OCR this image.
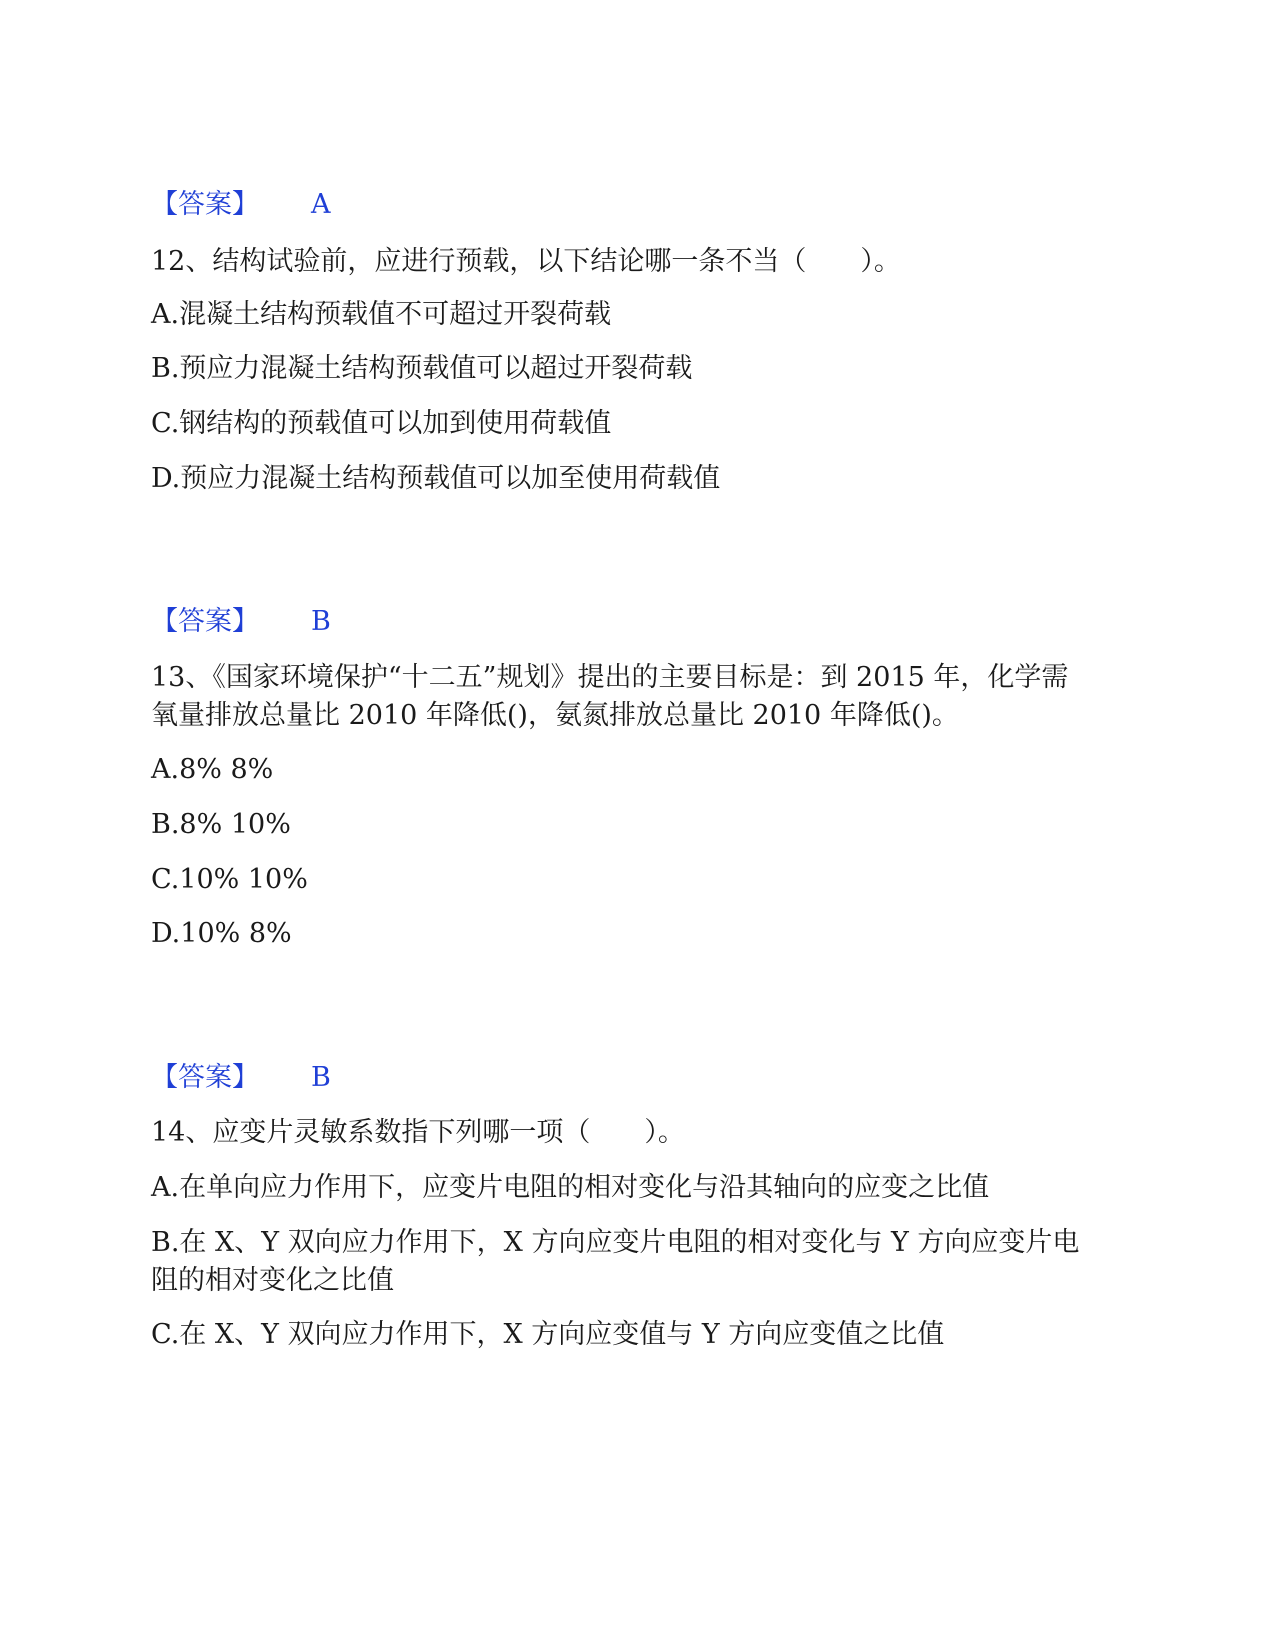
【答案】 A
12、结构试验前，应进行预载，以下结论哪一条不当（　　）。
A.混凝土结构预载值不可超过开裂荷载
B.预应力混凝土结构预载值可以超过开裂荷载
C.钢结构的预载值可以加到使用荷载值
D.预应力混凝土结构预载值可以加至使用荷载值
【答案】 B
13、《国家环境保护“十二五”规划》提出的主要目标是：到 2015 年，化学需
氧量排放总量比 2010 年降低()，氨氮排放总量比 2010 年降低()。
A.8% 8%
B.8% 10%
C.10% 10%
D.10% 8%
【答案】 B
14、应变片灵敏系数指下列哪一项（　　）。
A.在单向应力作用下，应变片电阻的相对变化与沿其轴向的应变之比值
B.在 X、Y 双向应力作用下，X 方向应变片电阻的相对变化与 Y 方向应变片电
阻的相对变化之比值
C.在 X、Y 双向应力作用下，X 方向应变值与 Y 方向应变值之比值
